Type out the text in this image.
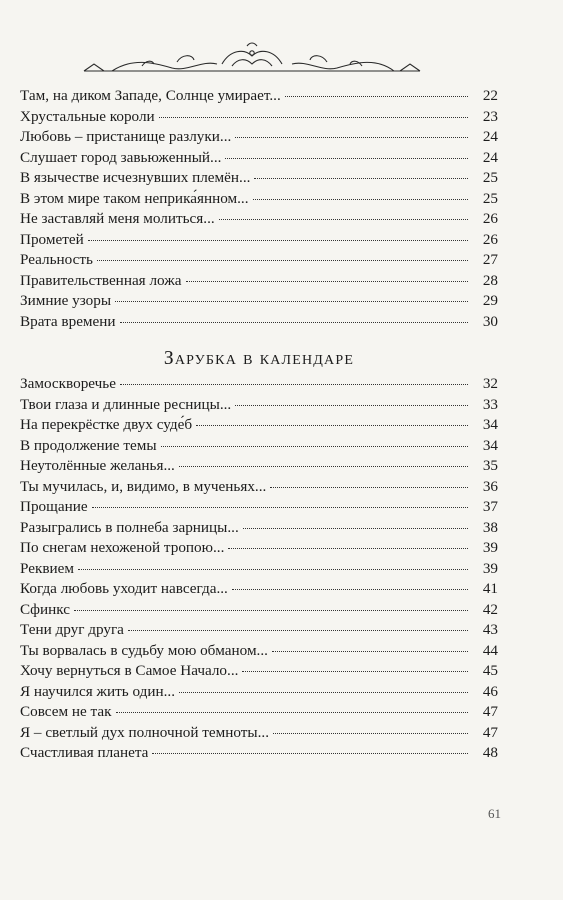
Там, на диком Западе, Солнце умирает...	22
Хрустальные короли	23
Любовь – пристанище разлуки...	24
Слушает город завьюженный...	24
В язычестве исчезнувших племён...	25
В этом мире таком неприка́янном...	25
Не заставляй меня молиться...	26
Прометей	26
Реальность	27
Правительственная ложа	28
Зимние узоры	29
Врата времени	30
Зарубка в календаре
Замоскворечье	32
Твои глаза и длинные ресницы...	33
На перекрёстке двух суде́б	34
В продолжение темы	34
Неутолённые желанья...	35
Ты мучилась, и, видимо, в мученьях...	36
Прощание	37
Разыгрались в полнеба зарницы...	38
По снегам нехоженой тропою...	39
Реквием	39
Когда любовь уходит навсегда...	41
Сфинкс	42
Тени друг друга	43
Ты ворвалась в судьбу мою обманом...	44
Хочу вернуться в Самое Начало...	45
Я научился жить один...	46
Совсем не так	47
Я – светлый дух полночной темноты...	47
Счастливая планета	48
61
